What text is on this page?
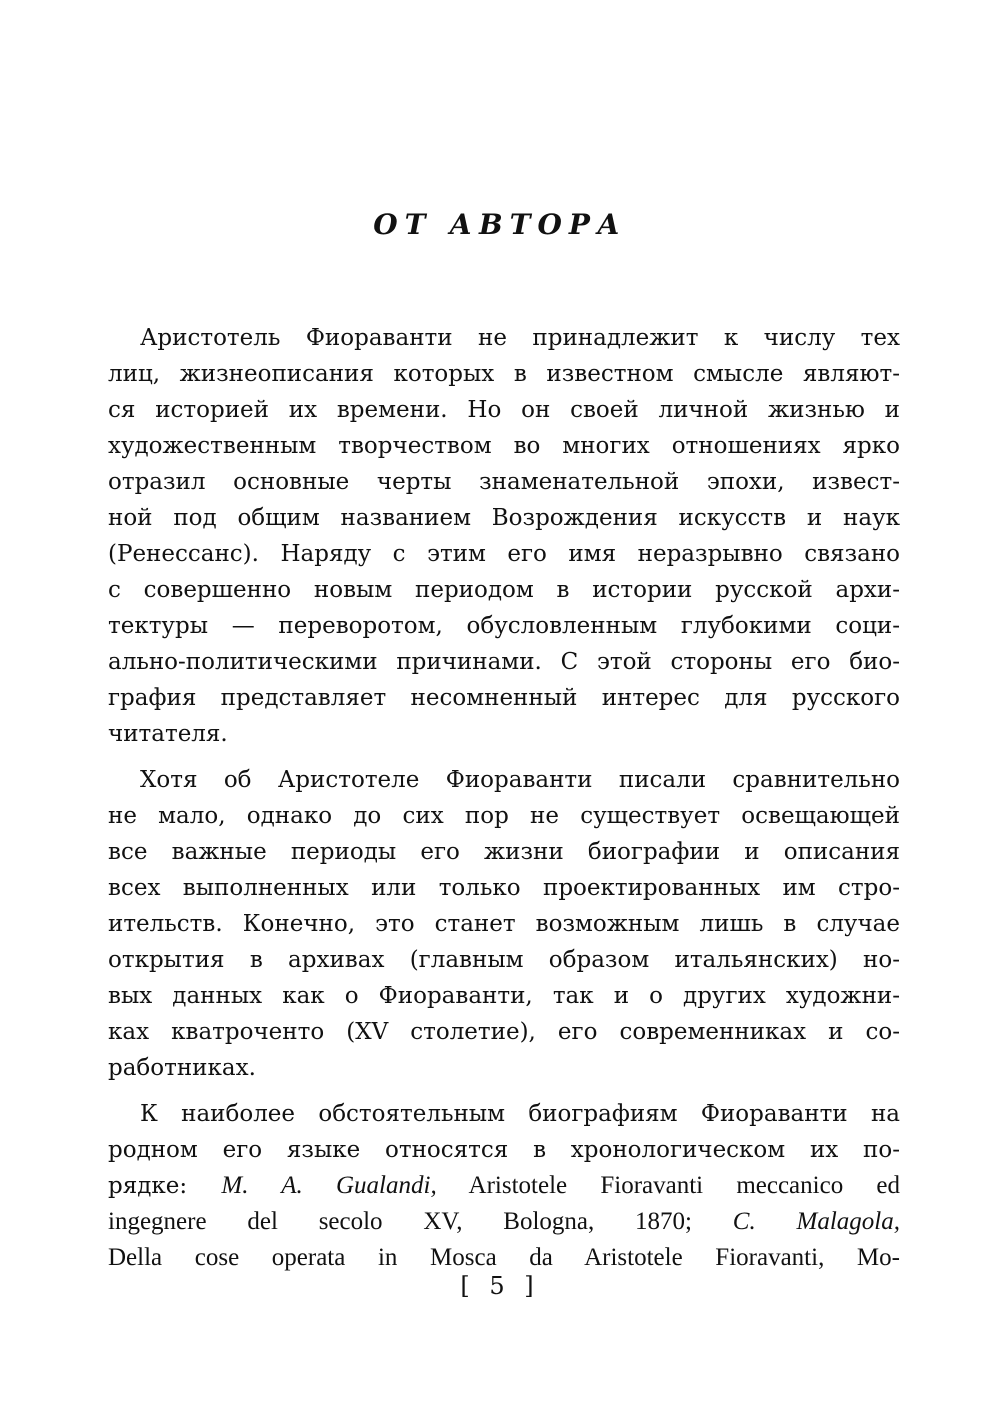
ОТ АВТОРА
Аристотель Фиораванти не принадлежит к числу тех
лиц, жизнеописания которых в известном смысле являют-
ся историей их времени. Но он своей личной жизнью и
художественным творчеством во многих отношениях ярко
отразил основные черты знаменательной эпохи, извест-
ной под общим названием Возрождения искусств и наук
(Ренессанс). Наряду с этим его имя неразрывно связано
с совершенно новым периодом в истории русской архи-
тектуры — переворотом, обусловленным глубокими соци-
ально-политическими причинами. С этой стороны его био-
графия представляет несомненный интерес для русского
читателя.
Хотя об Аристотеле Фиораванти писали сравнительно
не мало, однако до сих пор не существует освещающей
все важные периоды его жизни биографии и описания
всех выполненных или только проектированных им стро-
ительств. Конечно, это станет возможным лишь в случае
открытия в архивах (главным образом итальянских) но-
вых данных как о Фиораванти, так и о других художни-
ках кватроченто (XV столетие), его современниках и со-
работниках.
К наиболее обстоятельным биографиям Фиораванти на
родном его языке относятся в хронологическом их по-
рядке: M. A. Gualandi, Aristotele Fioravanti meccanico ed
ingegnere del secolo XV, Bologna, 1870; C. Malagola,
Della cose operata in Mosca da Aristotele Fioravanti, Mo-
[ 5 ]
